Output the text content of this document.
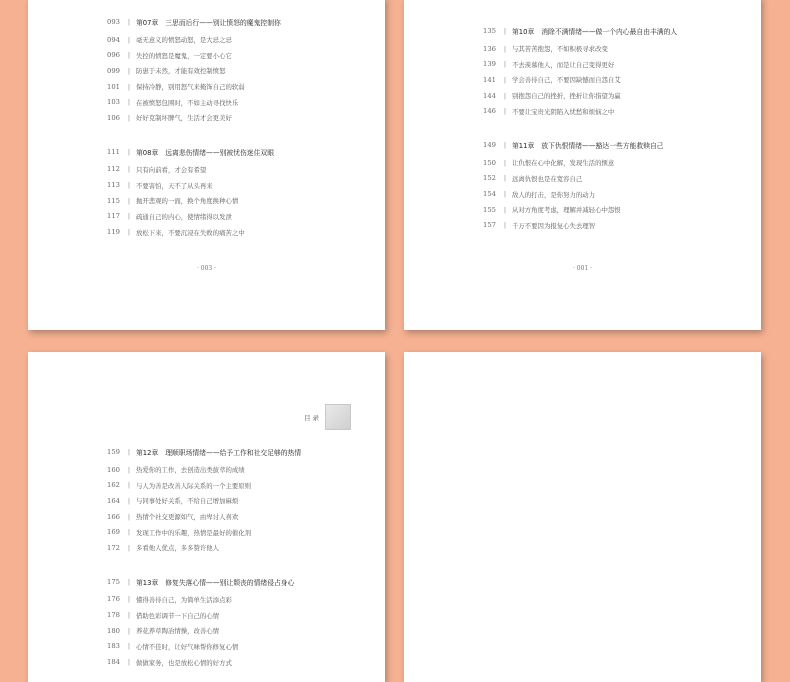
093	| 第07章 三思而后行——别让愤怒的魔鬼控制你
094	| 毫无意义的愤怒动怒，是大忌之忌
096	| 失控的愤怒是魔鬼，一定要小心它
099	| 防患于未然，才能有效控制愤怒
101	| 保持冷静，别用怒气来掩饰自己的软弱
103	| 在被愤怒包围时，不如主动寻找快乐
106	| 好好克制坏脾气，生活才会更美好
111	| 第08章 远离悲伤情绪——别被忧伤迷住双眼
112	| 只有向前看，才会有希望
113	| 不要害怕，天不了从头再来
115	| 抛开悲观的一面，换个角度换种心情
117	| 疏通自己的内心，使情绪得以发泄
119	| 放松下来，不要沉浸在失败的痛苦之中
· 003 ·
135	| 第10章 消除不满情绪——做一个内心最自由丰满的人
136	| 与其苦苦抱怨，不如积极寻求改变
139	| 不去羡慕他人，而是让自己变得更好
141	| 学会善待自己，不要因缺憾而自怨自艾
144	| 别抱怨自己的挫折，挫折让你指望为赢
146	| 不要让宝贵光阴陷入忧愁和烦恼之中
149	| 第11章 放下仇恨情绪——豁达一些方能救赎自己
150	| 让仇恨在心中化解，发现生活的惬意
152	| 远离仇恨也是在宽容自己
154	| 敌人的打击，是你努力的动力
155	| 从对方角度考虑，理解并减轻心中怨恨
157	| 千万不要因为报复心失去理智
· 001 ·
目录
159	| 第12章 理顺职场情绪——给予工作和社交足够的热情
160	| 热爱你的工作，去创造出类拔萃的成绩
162	| 与人为善是改善人际关系的一个主要原则
164	| 与同事处好关系，不给自己增加麻烦
166	| 热情个社交更源如气，由卑讨人喜欢
169	| 发现工作中的乐趣，热情是最好的催化剂
172	| 多看他人优点，多多赞许他人
175	| 第13章 修复失落心情——别让颓丧的情绪侵占身心
176	| 懂得善待自己，为简单生活添点彩
178	| 借助色彩调节一下自己的心情
180	| 养花养草陶冶情操，改善心情
183	| 心情不佳时，让好气味帮你修复心情
184	| 做做家务，也是放松心情的好方式
